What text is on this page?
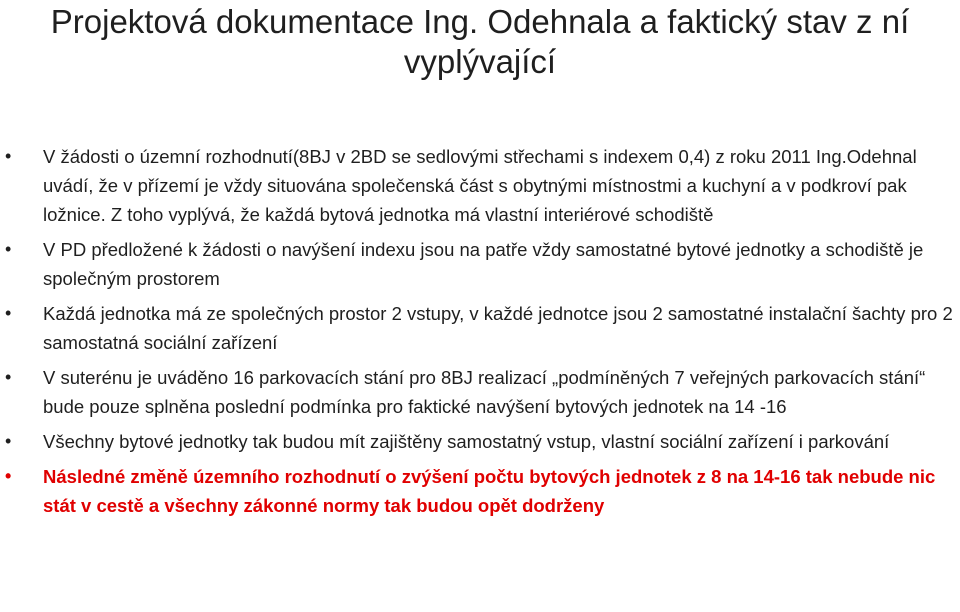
Projektová dokumentace Ing. Odehnala a faktický stav z ní vyplývající
• V žádosti o územní rozhodnutí(8BJ v 2BD se sedlovými střechami s indexem 0,4) z roku 2011 Ing.Odehnal uvádí, že v přízemí je vždy situována společenská část s obytnými místnostmi a kuchyní a v podkroví pak ložnice. Z toho vyplývá, že každá bytová jednotka má vlastní interiérové schodiště
• V PD předložené k žádosti o navýšení indexu jsou na patře vždy samostatné bytové jednotky a schodiště je společným prostorem
• Každá jednotka má ze společných prostor 2 vstupy, v každé jednotce jsou 2 samostatné instalační šachty pro 2 samostatná sociální zařízení
• V suterénu je uváděno 16 parkovacích stání pro 8BJ realizací „podmíněných 7 veřejných parkovacích stání“ bude pouze splněna poslední podmínka pro faktické navýšení bytových jednotek na 14 -16
• Všechny bytové jednotky tak budou mít zajištěny samostatný vstup, vlastní sociální zařízení i parkování
• Následné změně územního rozhodnutí o zvýšení počtu bytových jednotek z 8 na 14-16 tak nebude nic stát v cestě a všechny zákonné normy tak budou opět dodrženy
